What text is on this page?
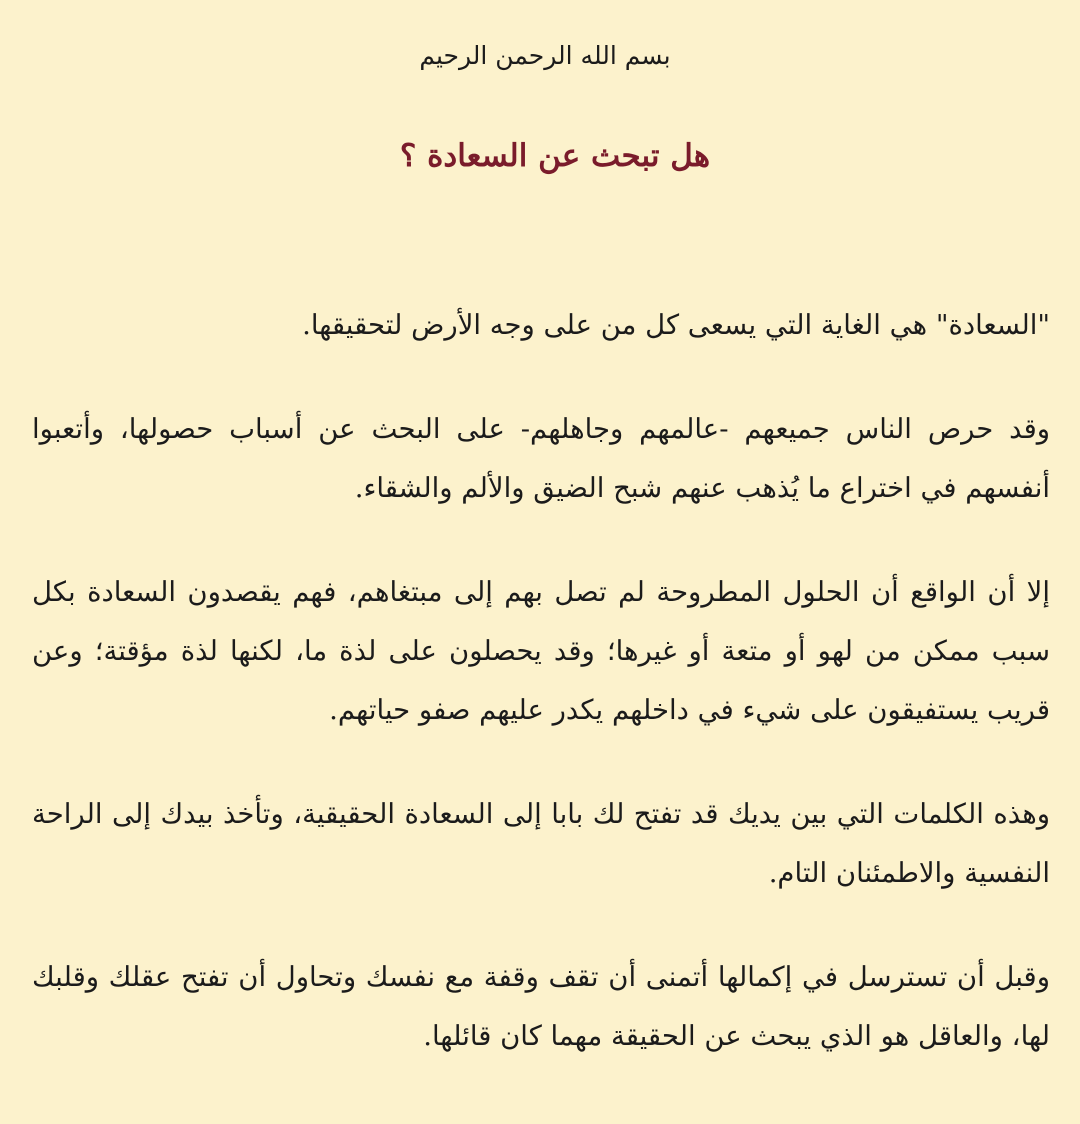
بسم الله الرحمن الرحيم
هل تبحث عن السعادة ؟

"السعادة" هي الغاية التي يسعى كل من على وجه الأرض لتحقيقها.

وقد حرص الناس جميعهم -عالمهم وجاهلهم- على البحث عن أسباب حصولها، وأتعبوا أنفسهم في اختراع ما يُذهب عنهم شبح الضيق والألم والشقاء.

إلا أن الواقع أن الحلول المطروحة لم تصل بهم إلى مبتغاهم، فهم يقصدون السعادة بكل سبب ممكن من لهو أو متعة أو غيرها؛ وقد يحصلون على لذة ما، لكنها لذة مؤقتة؛ وعن قريب يستفيقون على شيء في داخلهم يكدر عليهم صفو حياتهم.

وهذه الكلمات التي بين يديك قد تفتح لك بابا إلى السعادة الحقيقية، وتأخذ بيدك إلى الراحة النفسية والاطمئنان التام.

وقبل أن تسترسل في إكمالها أتمنى أن تقف وقفة مع نفسك وتحاول أن تفتح عقلك وقلبك لها، والعاقل هو الذي يبحث عن الحقيقة مهما كان قائلها.
